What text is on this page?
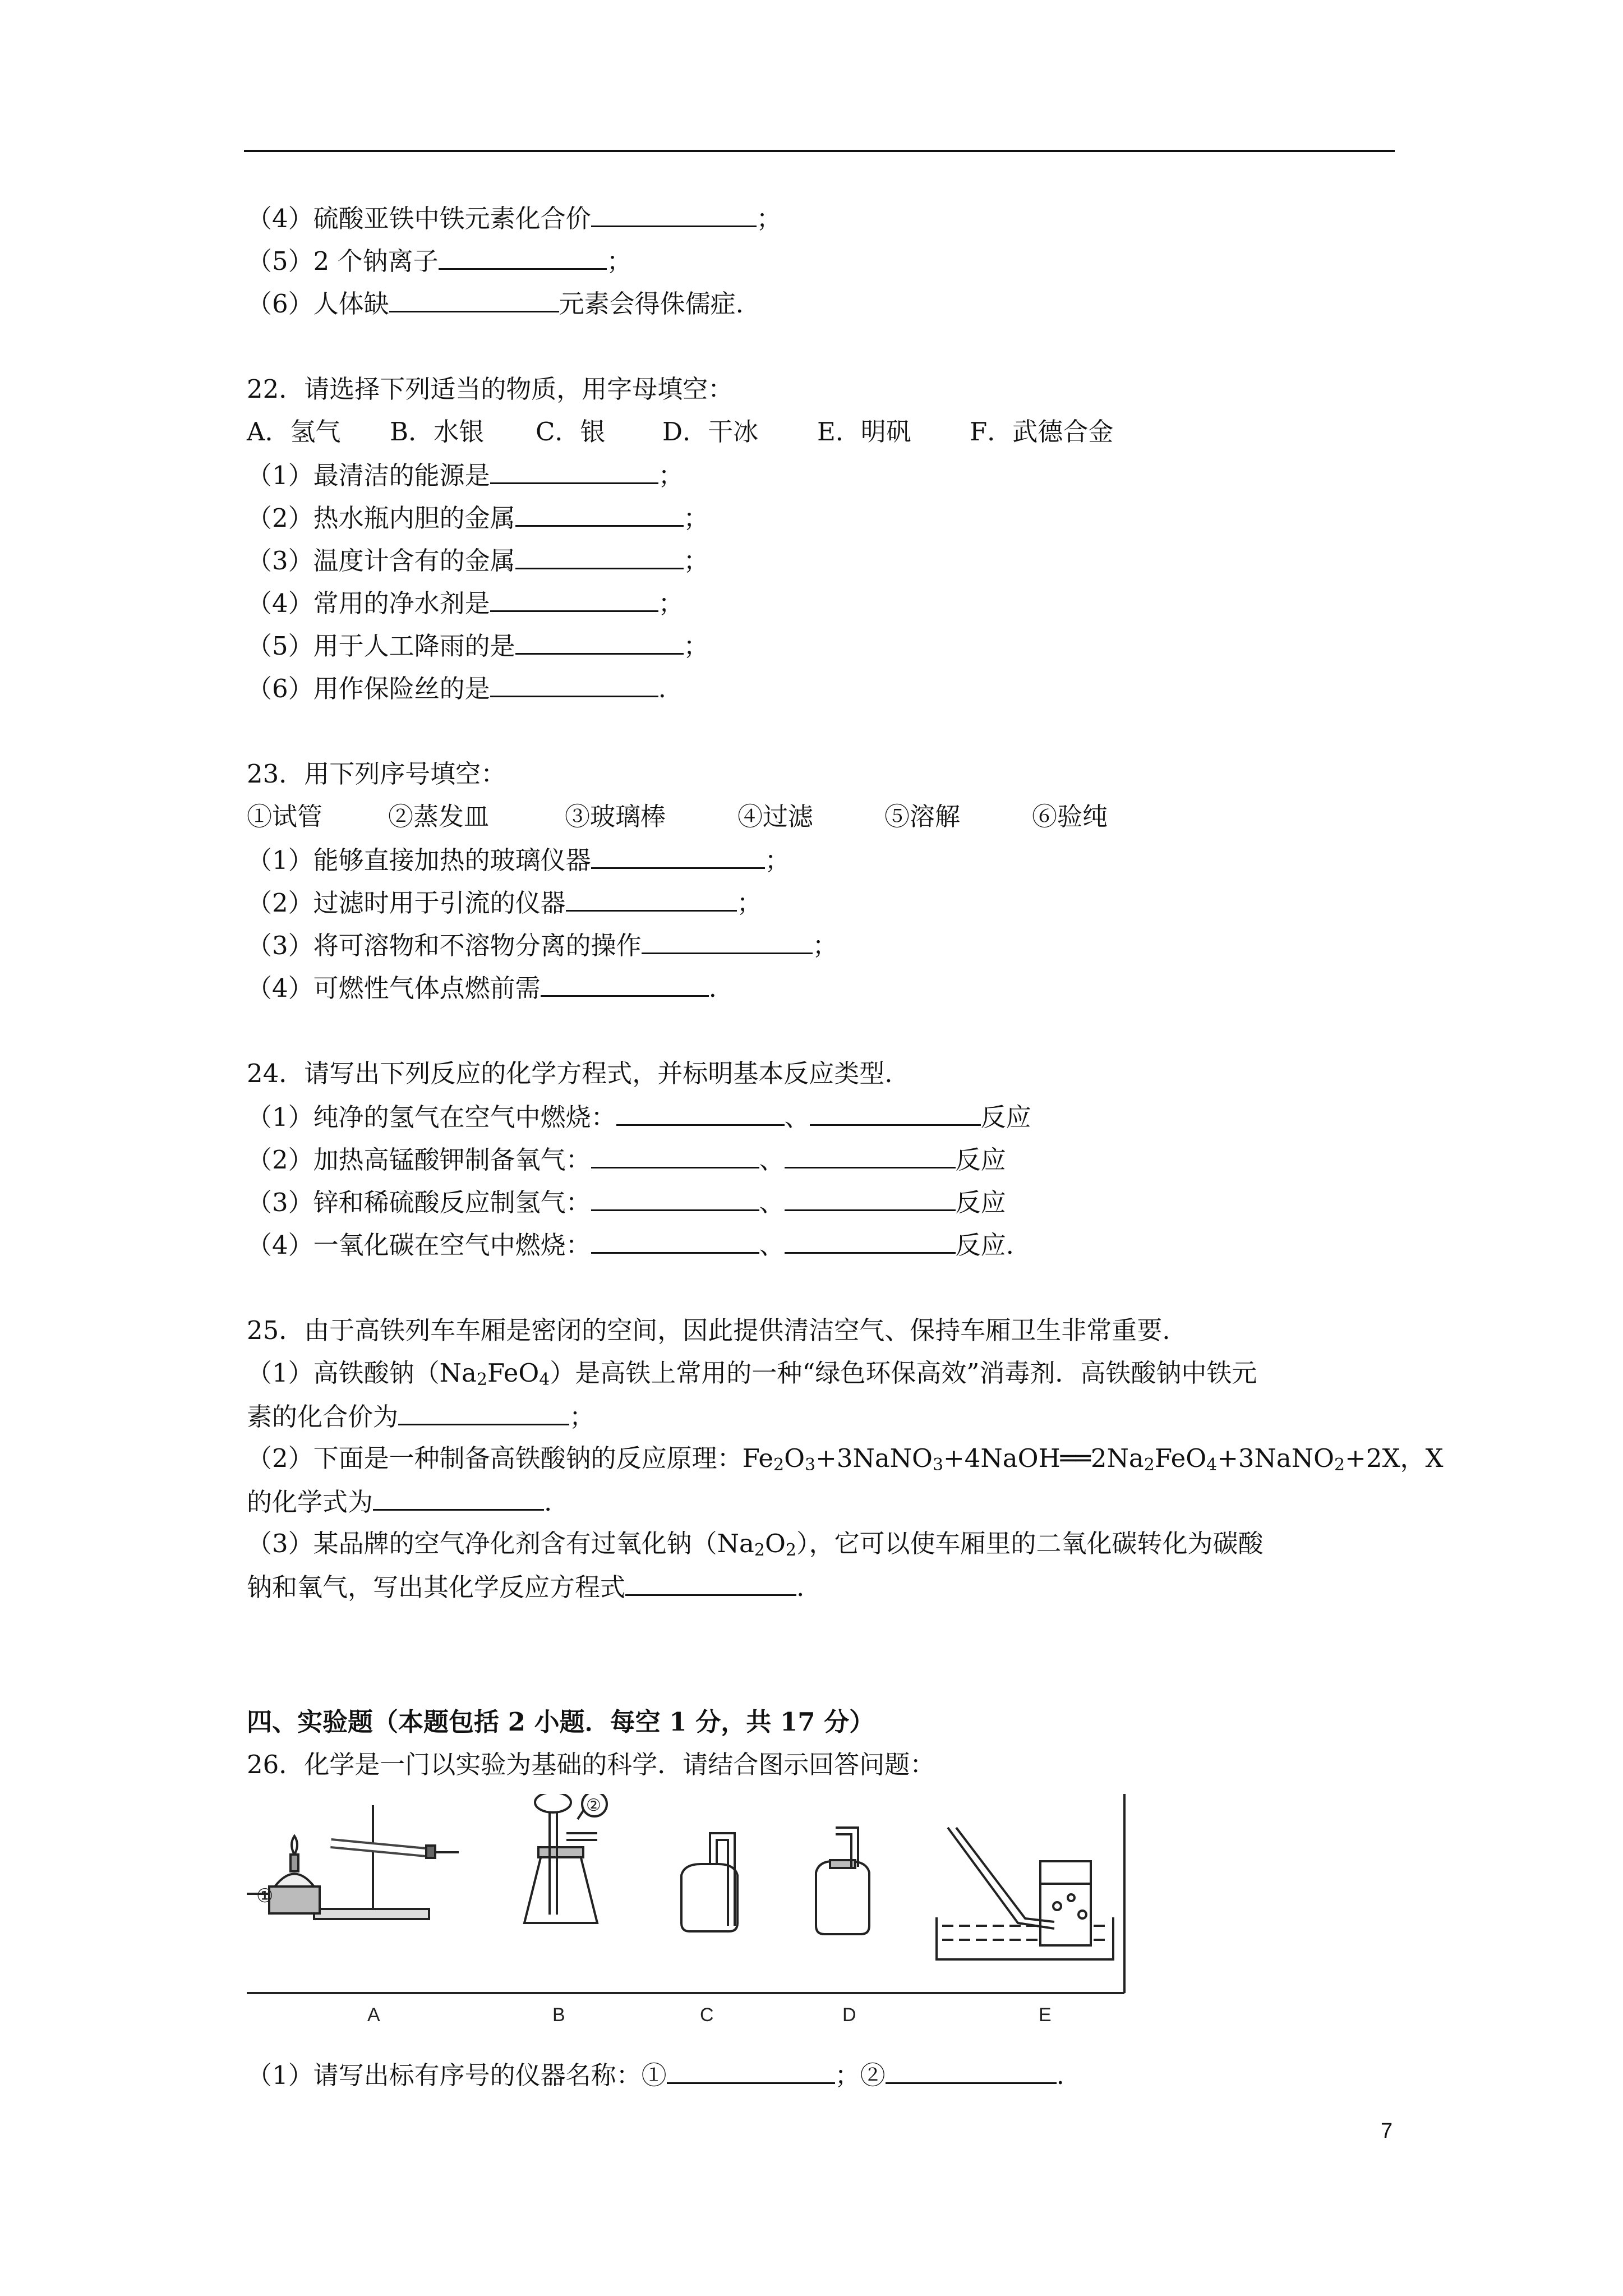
（4）硫酸亚铁中铁元素化合价	；
（5）2 个钠离子	；
（6）人体缺	元素会得侏儒症.
22．请选择下列适当的物质，用字母填空：
A．氢气 B．水银 C．银 D．干冰 E．明矾 F．武德合金
（1）最清洁的能源是	；
（2）热水瓶内胆的金属	；
（3）温度计含有的金属	；
（4）常用的净水剂是	；
（5）用于人工降雨的是	；
（6）用作保险丝的是	.
23．用下列序号填空：
①试管	②蒸发皿	③玻璃棒	④过滤	⑤溶解	⑥验纯
（1）能够直接加热的玻璃仪器	；
（2）过滤时用于引流的仪器	；
（3）将可溶物和不溶物分离的操作	；
（4）可燃性气体点燃前需	.
24．请写出下列反应的化学方程式，并标明基本反应类型.
（1）纯净的氢气在空气中燃烧：	、	反应
（2）加热高锰酸钾制备氧气：	、	反应
（3）锌和稀硫酸反应制氢气：	、	反应
（4）一氧化碳在空气中燃烧：	、	反应.
25．由于高铁列车车厢是密闭的空间，因此提供清洁空气、保持车厢卫生非常重要.
（1）高铁酸钠$(Na_2FeO_4)$是高铁上常用的一种“绿色环保高效”消毒剂．高铁酸钠中铁元
素的化合价为	；
（2）下面是一种制备高铁酸钠的反应原理：$Fe_2O_3+3NaNO_3+4NaOH══2Na_2FeO_4+3NaNO_2+2X$，X
的化学式为	.
（3）某品牌的空气净化剂含有过氧化钠$(Na_2O_2)$，它可以使车厢里的二氧化碳转化为碳酸
钠和氧气，写出其化学反应方程式	.
四、实验题（本题包括 2 小题．每空 1 分，共 17 分）
26．化学是一门以实验为基础的科学．请结合图示回答问题：
①
②
A	B	C	D	E
（1）请写出标有序号的仪器名称：①	；②	.
7
